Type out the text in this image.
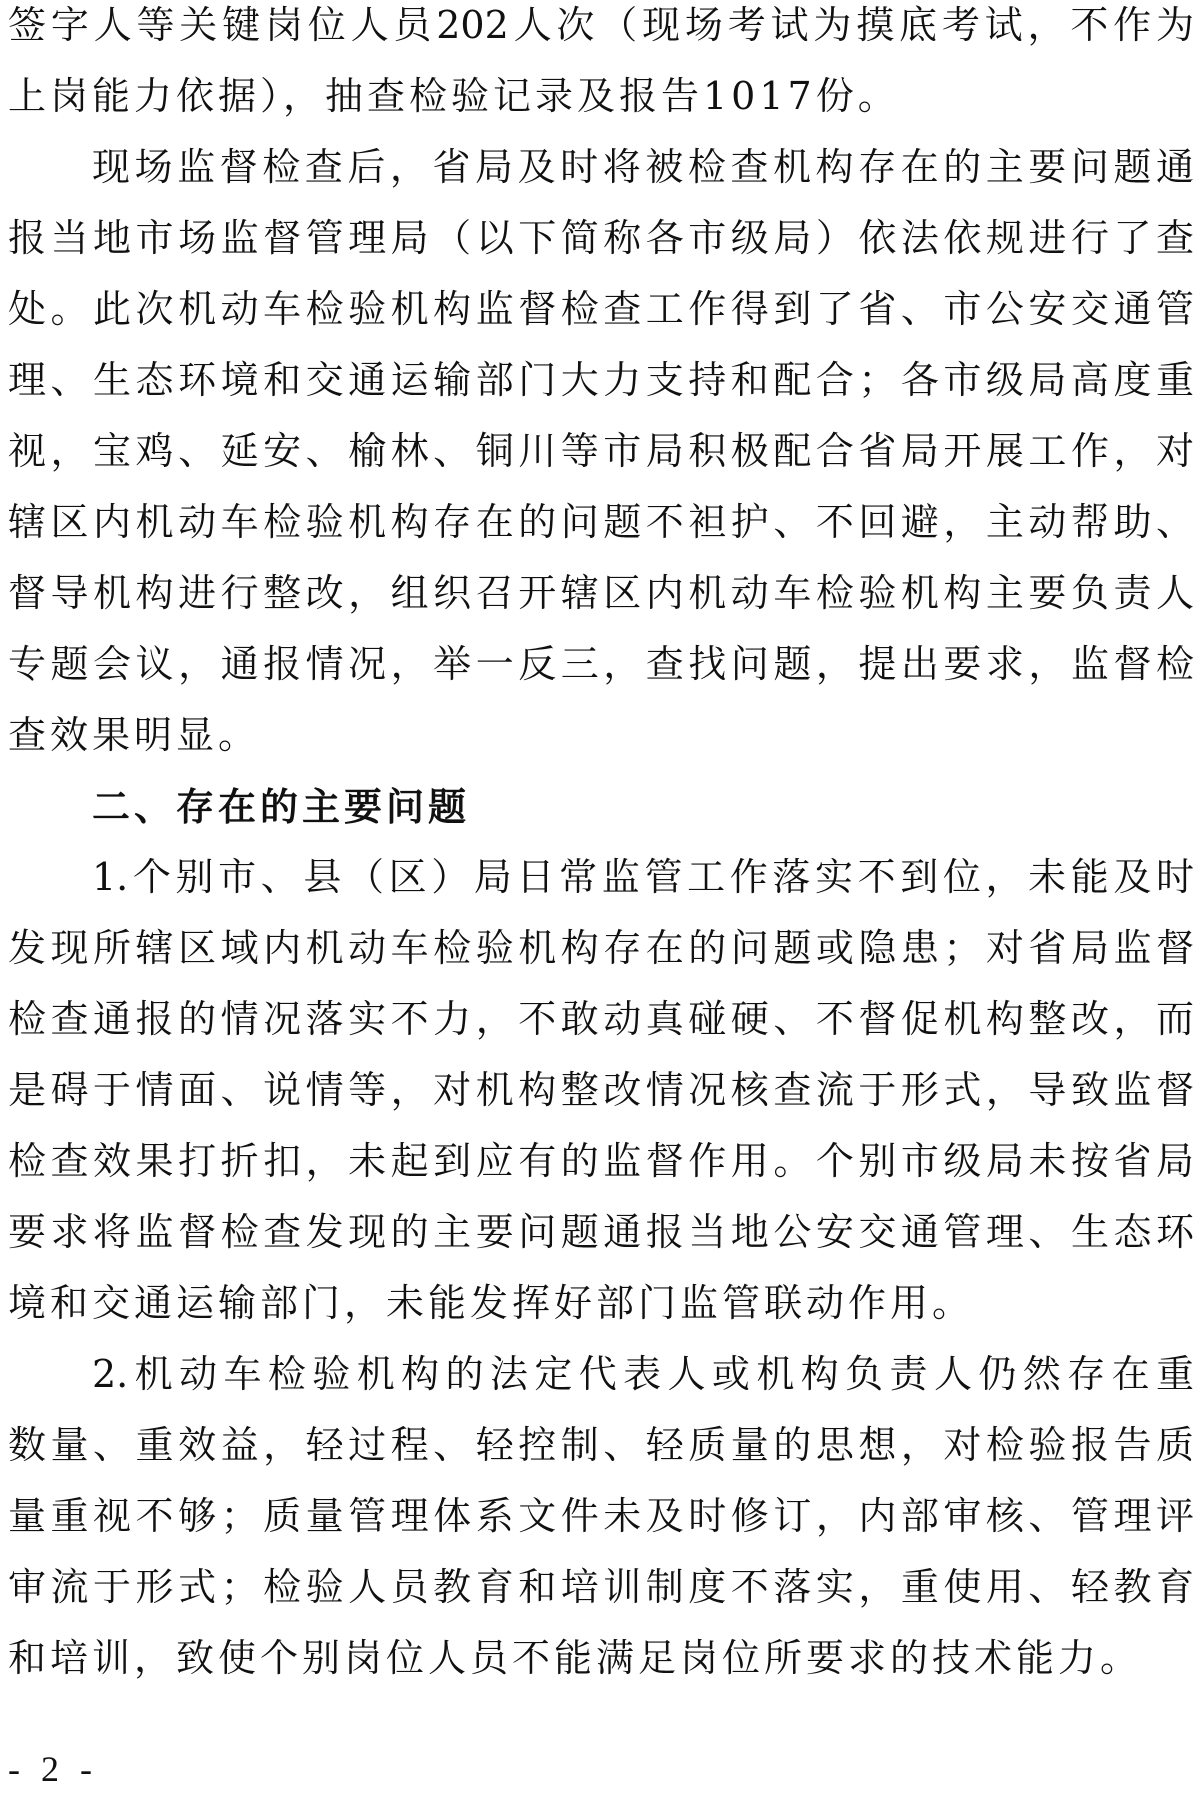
签字人等关键岗位人员202人次（现场考试为摸底考试，不作为
上岗能力依据），抽查检验记录及报告1017份。
现场监督检查后，省局及时将被检查机构存在的主要问题通
报当地市场监督管理局（以下简称各市级局）依法依规进行了查
处。此次机动车检验机构监督检查工作得到了省、市公安交通管
理、生态环境和交通运输部门大力支持和配合；各市级局高度重
视，宝鸡、延安、榆林、铜川等市局积极配合省局开展工作，对
辖区内机动车检验机构存在的问题不袒护、不回避，主动帮助、
督导机构进行整改，组织召开辖区内机动车检验机构主要负责人
专题会议，通报情况，举一反三，查找问题，提出要求，监督检
查效果明显。
二、存在的主要问题
1.个别市、县（区）局日常监管工作落实不到位，未能及时
发现所辖区域内机动车检验机构存在的问题或隐患；对省局监督
检查通报的情况落实不力，不敢动真碰硬、不督促机构整改，而
是碍于情面、说情等，对机构整改情况核查流于形式，导致监督
检查效果打折扣，未起到应有的监督作用。个别市级局未按省局
要求将监督检查发现的主要问题通报当地公安交通管理、生态环
境和交通运输部门，未能发挥好部门监管联动作用。
2.机动车检验机构的法定代表人或机构负责人仍然存在重
数量、重效益，轻过程、轻控制、轻质量的思想，对检验报告质
量重视不够；质量管理体系文件未及时修订，内部审核、管理评
审流于形式；检验人员教育和培训制度不落实，重使用、轻教育
和培训，致使个别岗位人员不能满足岗位所要求的技术能力。
- 2 -
